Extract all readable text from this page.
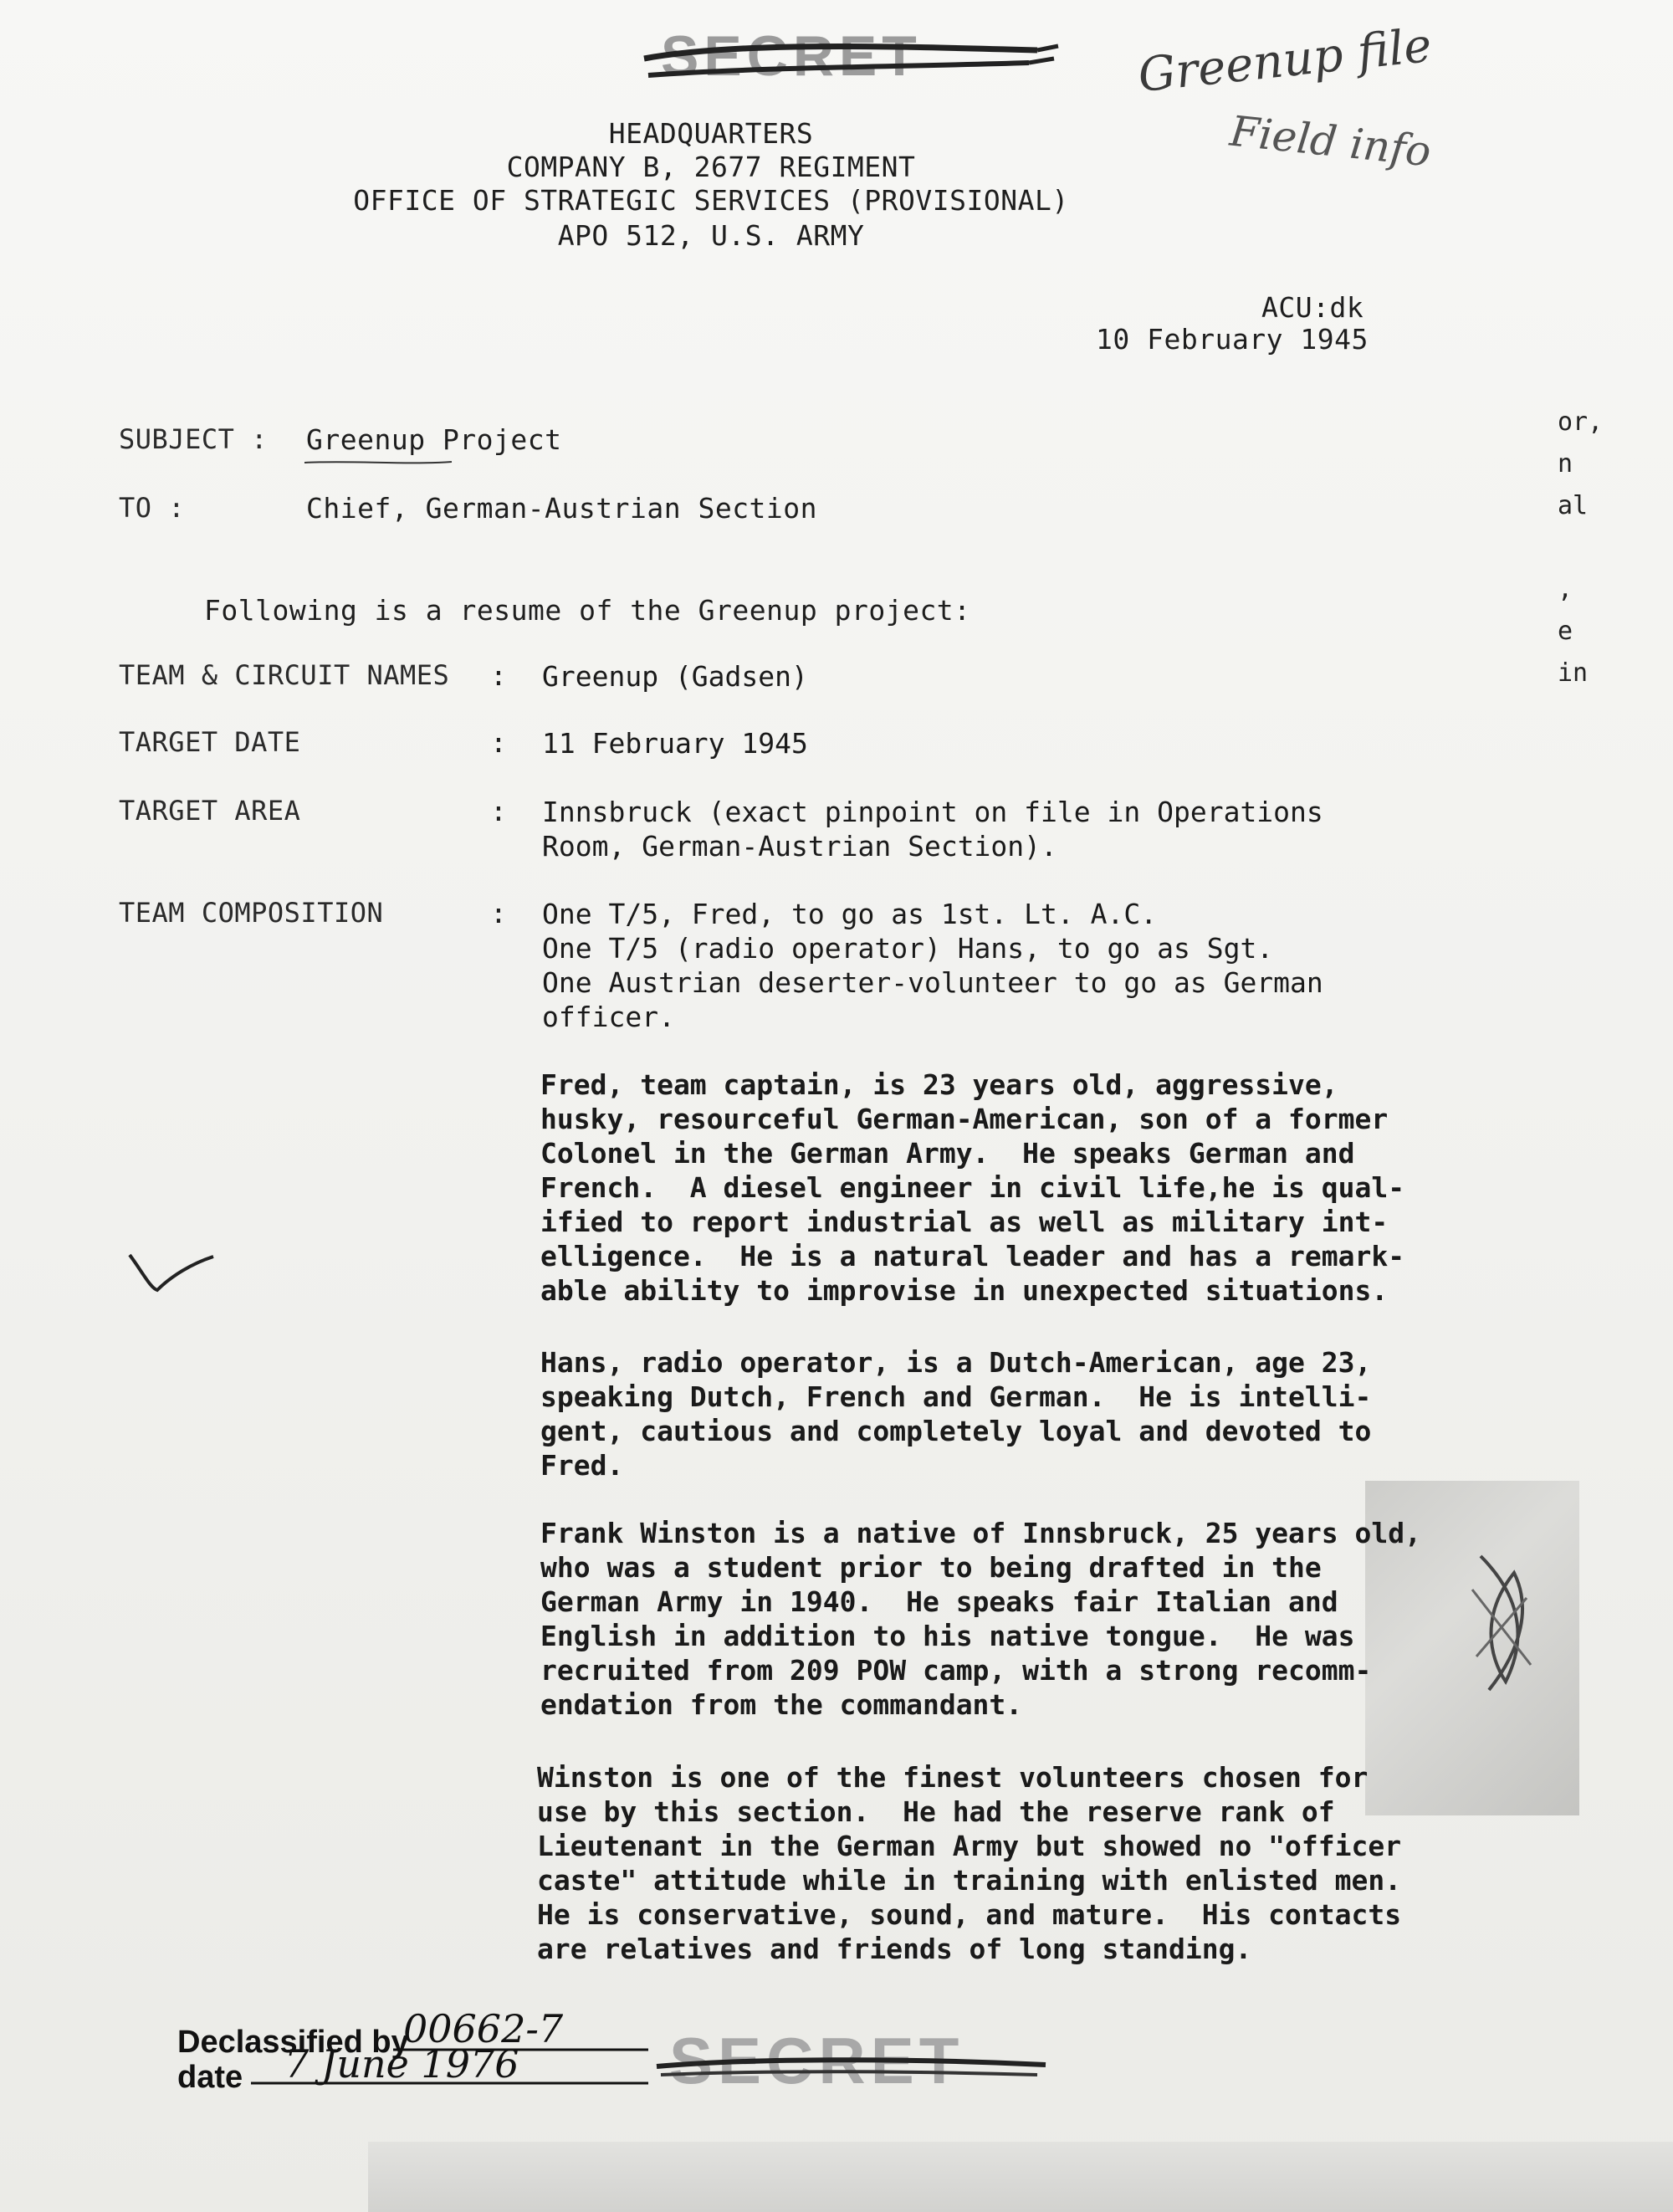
SECRET	Greenup file
Field info
HEADQUARTERS
COMPANY B, 2677 REGIMENT
OFFICE OF STRATEGIC SERVICES (PROVISIONAL)
APO 512, U.S. ARMY
ACU:dk
10 February 1945
or,
n
al

,
e
in
SUBJECT : Greenup Project
TO :	Chief, German-Austrian Section
Following is a resume of the Greenup project:
TEAM & CIRCUIT NAMES : Greenup (Gadsen)
TARGET DATE	: 11 February 1945
TARGET AREA	: Innsbruck (exact pinpoint on file in Operations
Room, German-Austrian Section).
TEAM COMPOSITION	: One T/5, Fred, to go as 1st. Lt. A.C.
One T/5 (radio operator) Hans, to go as Sgt.
One Austrian deserter-volunteer to go as German
officer.
Fred, team captain, is 23 years old, aggressive,
husky, resourceful German-American, son of a former
Colonel in the German Army.  He speaks German and
French.  A diesel engineer in civil life,he is qual-
ified to report industrial as well as military int-
elligence.  He is a natural leader and has a remark-
able ability to improvise in unexpected situations.
Hans, radio operator, is a Dutch-American, age 23,
speaking Dutch, French and German.  He is intelli-
gent, cautious and completely loyal and devoted to
Fred.
Frank Winston is a native of Innsbruck, 25 years old,
who was a student prior to being drafted in the
German Army in 1940.  He speaks fair Italian and
English in addition to his native tongue.  He was
recruited from 209 POW camp, with a strong recomm-
endation from the commandant.
Winston is one of the finest volunteers chosen for
use by this section.  He had the reserve rank of
Lieutenant in the German Army but showed no "officer
caste" attitude while in training with enlisted men.
He is conservative, sound, and mature.  His contacts
are relatives and friends of long standing.
Declassified by
00662-7
date 7 June 1976 SECRET
